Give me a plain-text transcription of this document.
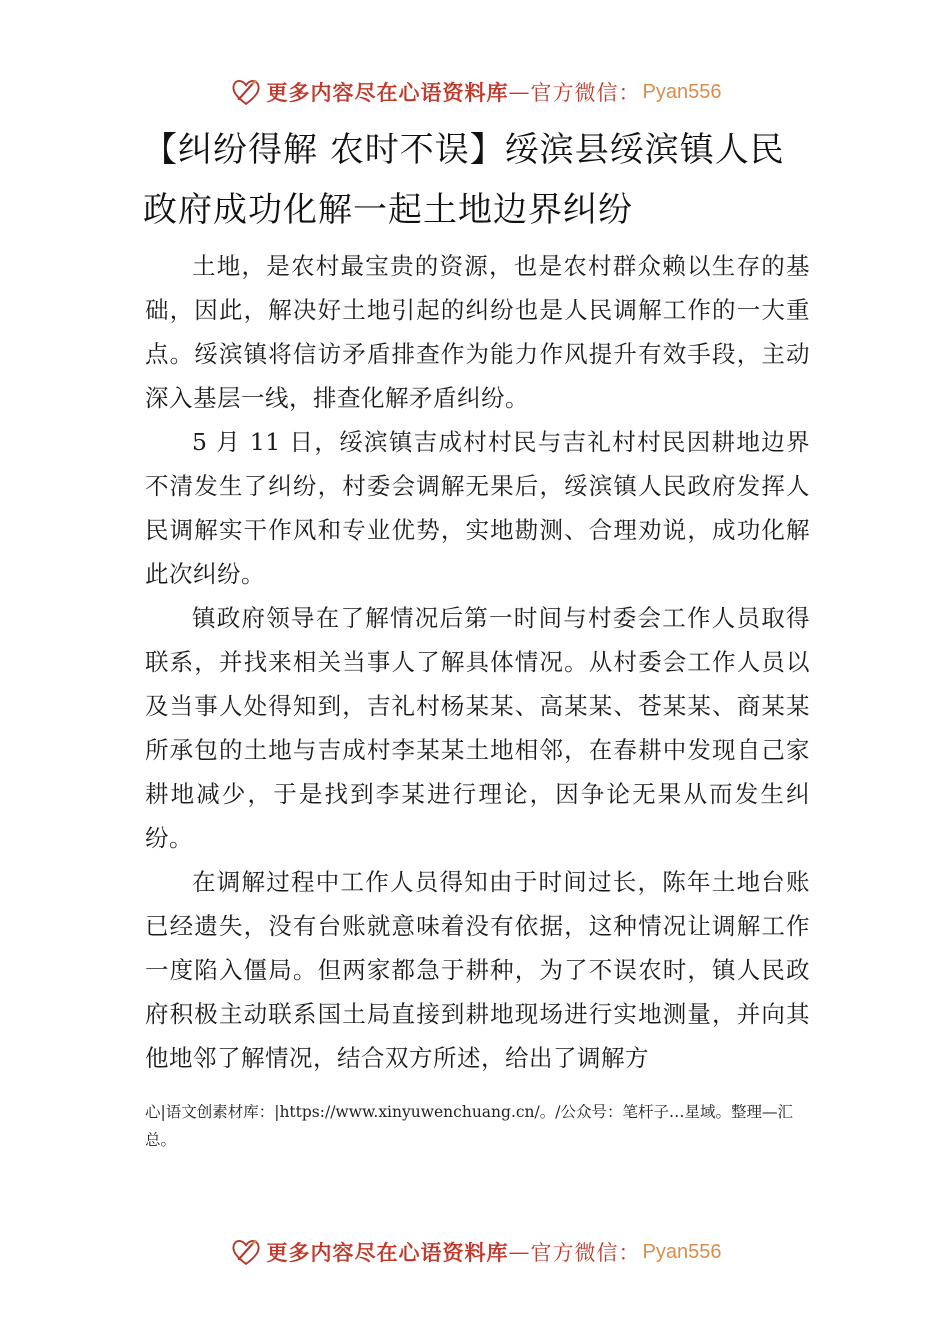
更多内容尽在心语资料库 — 官方微信： Pyan556
【纠纷得解 农时不误】绥滨县绥滨镇人民政府成功化解一起土地边界纠纷

土地，是农村最宝贵的资源，也是农村群众赖以生存的基础，因此，解决好土地引起的纠纷也是人民调解工作的一大重点。绥滨镇将信访矛盾排查作为能力作风提升有效手段，主动深入基层一线，排查化解矛盾纠纷。

5 月 11 日，绥滨镇吉成村村民与吉礼村村民因耕地边界不清发生了纠纷，村委会调解无果后，绥滨镇人民政府发挥人民调解实干作风和专业优势，实地勘测、合理劝说，成功化解此次纠纷。

镇政府领导在了解情况后第一时间与村委会工作人员取得联系，并找来相关当事人了解具体情况。从村委会工作人员以及当事人处得知到，吉礼村杨某某、高某某、苍某某、商某某所承包的土地与吉成村李某某土地相邻，在春耕中发现自己家耕地减少，于是找到李某进行理论，因争论无果从而发生纠纷。

在调解过程中工作人员得知由于时间过长，陈年土地台账已经遗失，没有台账就意味着没有依据，这种情况让调解工作一度陷入僵局。但两家都急于耕种，为了不误农时，镇人民政府积极主动联系国土局直接到耕地现场进行实地测量，并向其他地邻了解情况，结合双方所述，给出了调解方

心|语文创素材库：|https://www.xinyuwenchuang.cn/。/公众号：笔杆子…星域。整理—汇总。
更多内容尽在心语资料库 — 官方微信： Pyan556
